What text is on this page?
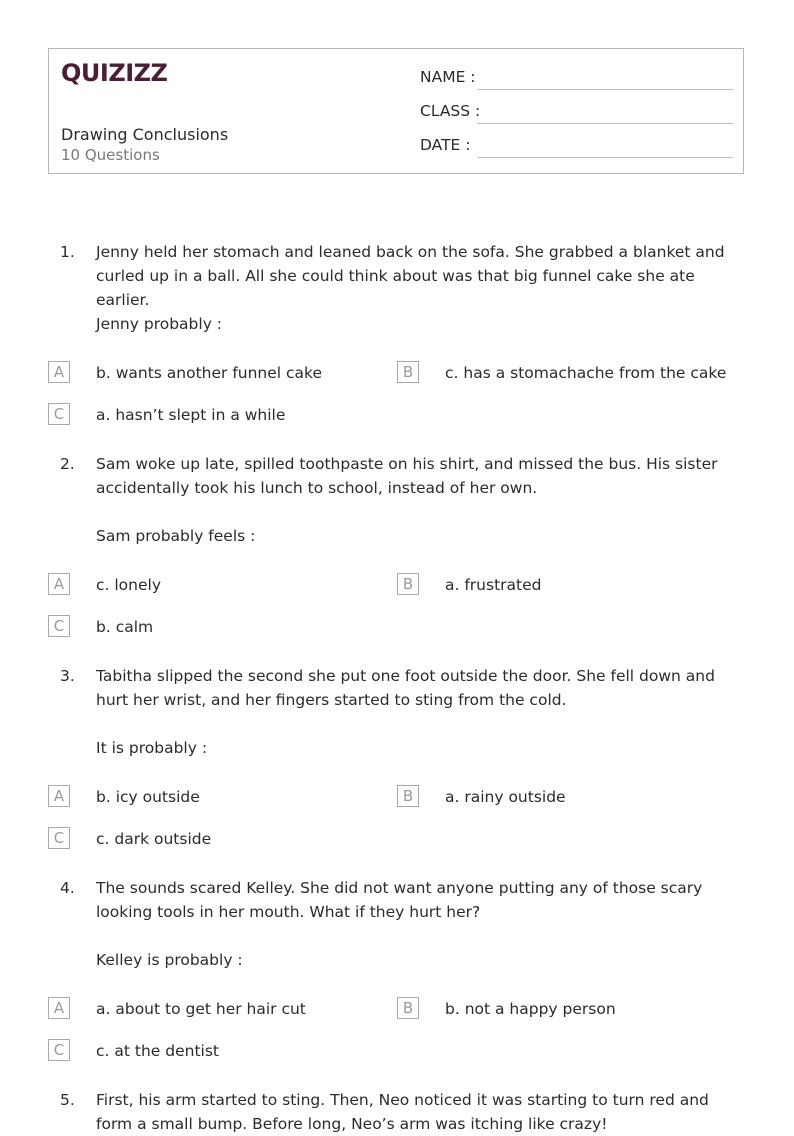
QUIZIZZ
Drawing Conclusions
10 Questions
NAME :
CLASS :
DATE :
1. Jenny held her stomach and leaned back on the sofa. She grabbed a blanket and curled up in a ball. All she could think about was that big funnel cake she ate earlier.
Jenny probably :
A	b. wants another funnel cake	B	c. has a stomachache from the cake
C	a. hasn’t slept in a while
2. Sam woke up late, spilled toothpaste on his shirt, and missed the bus. His sister accidentally took his lunch to school, instead of her own.
Sam probably feels :
A	c. lonely	B	a. frustrated
C	b. calm
3. Tabitha slipped the second she put one foot outside the door. She fell down and hurt her wrist, and her fingers started to sting from the cold.
It is probably :
A	b. icy outside	B	a. rainy outside
C	c. dark outside
4. The sounds scared Kelley. She did not want anyone putting any of those scary looking tools in her mouth. What if they hurt her?
Kelley is probably :
A	a. about to get her hair cut	B	b. not a happy person
C	c. at the dentist
5. First, his arm started to sting. Then, Neo noticed it was starting to turn red and form a small bump. Before long, Neo’s arm was itching like crazy!
